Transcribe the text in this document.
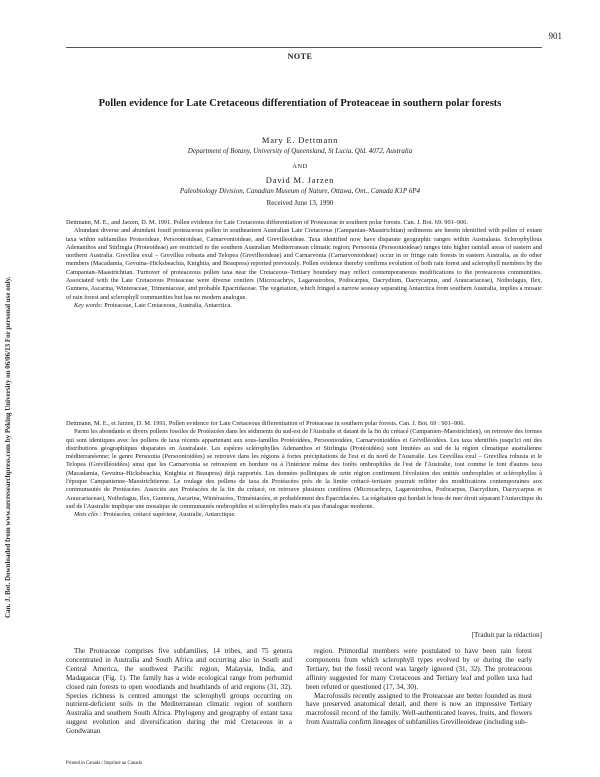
901
NOTE
Pollen evidence for Late Cretaceous differentiation of Proteaceae in southern polar forests
Mary E. Dettmann
Department of Botany, University of Queensland, St Lucia, Qld. 4072, Australia
AND
David M. Jarzen
Paleobiology Division, Canadian Museum of Nature, Ottawa, Ont., Canada K1P 6P4
Received June 13, 1990

Dettmann, M. E., and Jarzen, D. M. 1991. Pollen evidence for Late Cretaceous differentiation of Proteaceae in southern polar forests. Can. J. Bot. 69: 901–906.

Abundant diverse and abundant fossil proteaceous pollen in southeastern Australian Late Cretaceous (Campanian–Maastrichtian) sediments are herein identified with pollen of extant taxa within subfamilies Proteoideae, Persoonioideae, Carnarvonioideae, and Grevilleoideae. Taxa identified now have disparate geographic ranges within Australasia. Sclerophyllous Adenanthos and Stirlingia (Proteoideae) are restricted to the southern Australian Mediterranean climatic region; Persoonia (Persoonioideae) ranges into higher rainfall areas of eastern and northern Australia. Grevillea exul – Grevillea robusta and Telopea (Grevilleoideae) and Carnarvonia (Carnarvonioideae) occur in or fringe rain forests in eastern Australia, as do other members (Macadamia, Gevuina–Hicksbeachia, Knightia, and Beauprea) reported previously. Pollen evidence thereby confirms evolution of both rain forest and sclerophyll members by the Campanian–Maastrichtian. Turnover of proteaceous pollen taxa near the Cretaceous–Tertiary boundary may reflect contemporaneous modifications to the proteaceous communities. Associated with the Late Cretaceous Proteaceae were diverse conifers (Microcachrys, Lagarostrobos, Podocarpus, Dacrydium, Dacrycarpus, and Araucariaceae), Nothofagus, Ilex, Gunnera, Ascarina, Winteraceae, Trimeniaceae, and probable Epacridaceae. The vegetation, which fringed a narrow seaway separating Antarctica from southern Australia, implies a mosaic of rain forest and sclerophyll communities but has no modern analogue.

Key words: Proteaceae, Late Cretaceous, Australia, Antarctica.

Dettmann, M. E., et Jarzen, D. M. 1991. Pollen evidence for Late Cretaceous differentiation of Proteaceae in southern polar forests. Can. J. Bot. 69 : 901–906.

Parmi les abondants et divers pollens fossiles de Protéacées dans les sédiments du sud-est de l'Australie et datant de la fin du crétacé (Campanien–Maestrichtien), on retrouve des formes qui sont identiques avec les pollens de taxa récents appartenant aux sous-familles Protéoidées, Persoonioidées, Carnarvonioidées et Grévilléoidées. Les taxa identifiés jusqu'ici ont des distributions géographiques disparates en Australasie. Les espèces sclérophylles Adenanthos et Stirlingia (Protéoidées) sont limitées au sud de la région climatique australienne méditerranéenne; le genre Persoonia (Persoonioidées) se retrouve dans les régions à fortes précipitations de l'est et du nord de l'Australie. Les Grevillea exul – Grevillea robusta et le Telopea (Grévilléoidées) ainsi que les Carnarvonia se retrouvent en bordure ou à l'intérieur même des forêts ombrophiles de l'est de l'Australie, tout comme le font d'autres taxa (Macadamia, Gevuina–Hicksbeachia, Knightia et Beauprea) déjà rapportés. Les données polliniques de cette région confirment l'évolution des entités ombrophiles et sclérophylles à l'époque Campanienne–Maestrichtienne. Le roulage des pollens de taxa de Protéacées près de la limite crétacé–tertiaire pourrait refléter des modifications contemporaines aux communautés de Protéacées. Associés aux Protéacées de la fin du crétacé, on retrouve plusieurs conifères (Microcachrys, Lagarostrobos, Podocarpus, Dacrydium, Dacrycarpus et Araucariaceae), Nothofagus, Ilex, Gunnera, Ascarina, Wintéracées, Triméniacées, et probablement des Épacridacées. La végétation qui bordait le bras de mer étroit séparant l'Antarctique du sud de l'Australie implique une mosaïque de communautés ombrophiles et sclérophylles mais n'a pas d'analogue moderne.

Mots clés : Protéacées, crétacé supérieur, Australie, Antarctique.

[Traduit par la rédaction]

The Proteaceae comprises five subfamilies, 14 tribes, and 75 genera concentrated in Australia and South Africa and occurring also in South and Central America, the southwest Pacific region, Malaysia, India, and Madagascar (Fig. 1). The family has a wide ecological range from perhumid closed rain forests to open woodlands and heathlands of arid regions (31, 32). Species richness is centred amongst the sclerophyll groups occurring on nutrient-deficient soils in the Mediterranean climatic region of southern Australia and southern South Africa. Phylogeny and geography of extant taxa suggest evolution and diversification during the mid Cretaceous in a Gondwanan

region. Primordial members were postulated to have been rain forest components from which sclerophyll types evolved by or during the early Tertiary, but the fossil record was largely ignored (31, 32). The proteaceous affinity suggested for many Cretaceous and Tertiary leaf and pollen taxa had been refuted or questioned (17, 34, 30).

Macrofossils recently assigned to the Proteaceae are better founded as most have preserved anatomical detail, and there is now an impressive Tertiary macrofossil record of the family. Well-authenticated leaves, fruits, and flowers from Australia confirm lineages of subfamilies Grevilleoideae (including sub-

Printed in Canada / Imprimé au Canada
Can. J. Bot. Downloaded from www.nrcresearchpress.com by Peking University on 06/06/13 For personal use only.
